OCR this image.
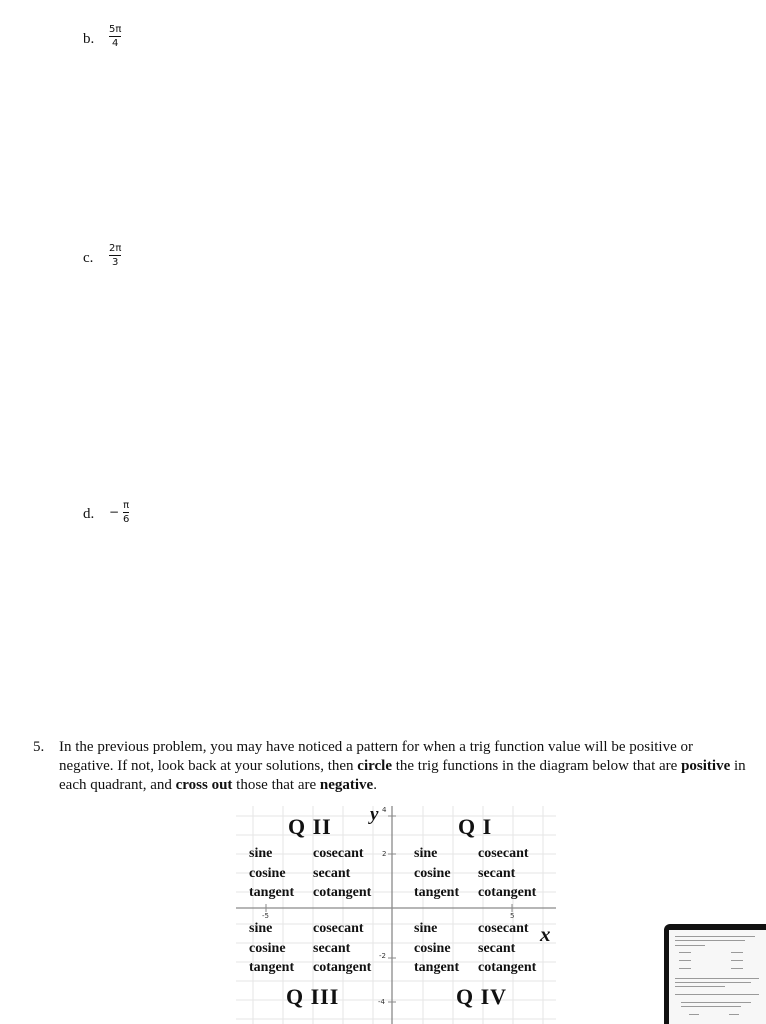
b.
5π
4
c.
2π
3
d. − π
6
5. In the previous problem, you may have noticed a pattern for when a trig function value will be positive or negative. If not, look back at your solutions, then circle the trig functions in the diagram below that are positive in each quadrant, and cross out those that are negative.
Q II	Q I
Q III	Q IV
y
x
4
2
-2
-4
-5	5
sine	cosecant
cosine secant
tangent cotangent
sine	cosecant
cosine secant
tangent cotangent
sine	cosecant
cosine secant
tangent cotangent
sine	cosecant
cosine secant
tangent cotangent
